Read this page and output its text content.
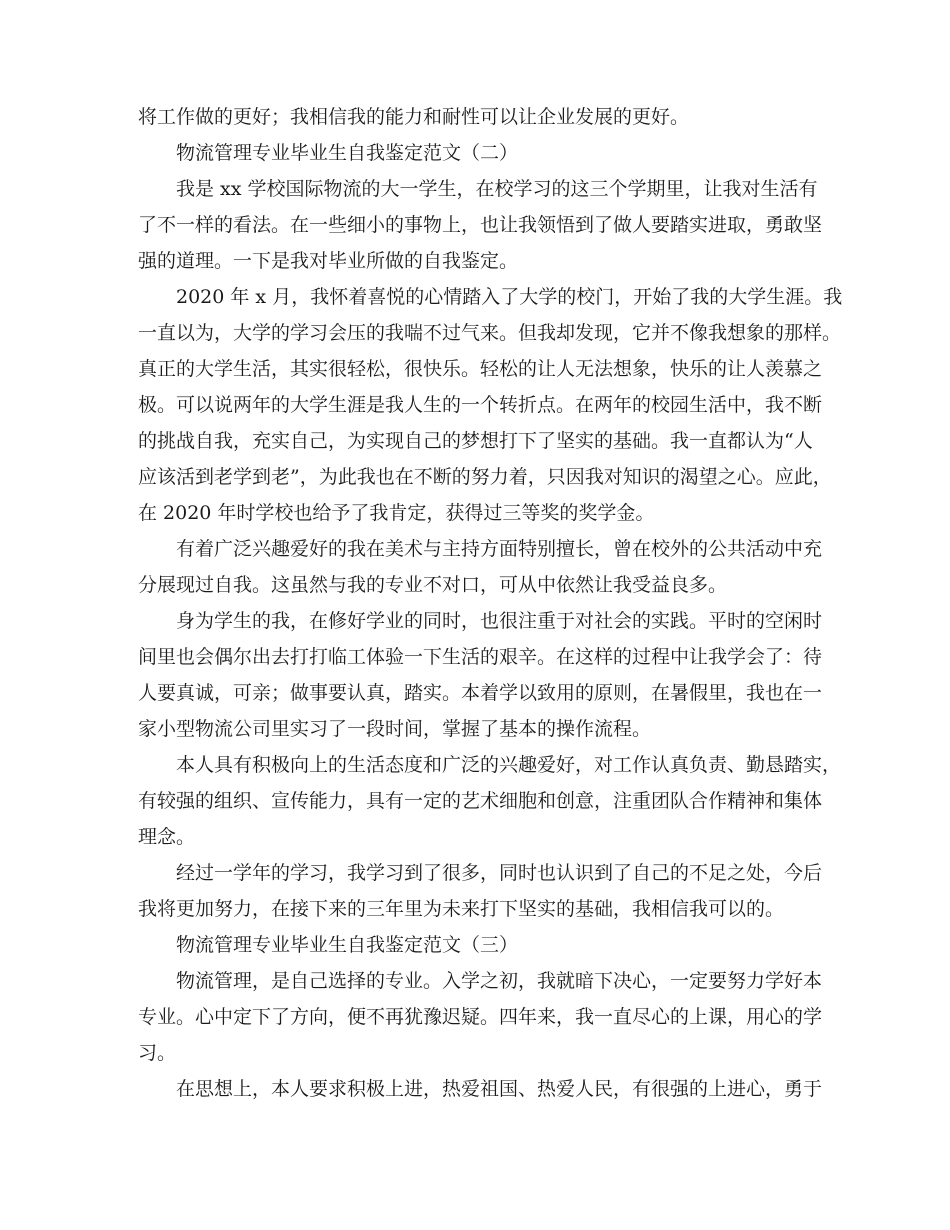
将工作做的更好；我相信我的能力和耐性可以让企业发展的更好。
物流管理专业毕业生自我鉴定范文（二）
我是 xx 学校国际物流的大一学生，在校学习的这三个学期里，让我对生活有
了不一样的看法。在一些细小的事物上，也让我领悟到了做人要踏实进取，勇敢坚
强的道理。一下是我对毕业所做的自我鉴定。
2020 年 x 月，我怀着喜悦的心情踏入了大学的校门，开始了我的大学生涯。我
一直以为，大学的学习会压的我喘不过气来。但我却发现，它并不像我想象的那样。
真正的大学生活，其实很轻松，很快乐。轻松的让人无法想象，快乐的让人羡慕之
极。可以说两年的大学生涯是我人生的一个转折点。在两年的校园生活中，我不断
的挑战自我，充实自己，为实现自己的梦想打下了坚实的基础。我一直都认为“人
应该活到老学到老”，为此我也在不断的努力着，只因我对知识的渴望之心。应此，
在 2020 年时学校也给予了我肯定，获得过三等奖的奖学金。
有着广泛兴趣爱好的我在美术与主持方面特别擅长，曾在校外的公共活动中充
分展现过自我。这虽然与我的专业不对口，可从中依然让我受益良多。
身为学生的我，在修好学业的同时，也很注重于对社会的实践。平时的空闲时
间里也会偶尔出去打打临工体验一下生活的艰辛。在这样的过程中让我学会了：待
人要真诚，可亲；做事要认真，踏实。本着学以致用的原则，在暑假里，我也在一
家小型物流公司里实习了一段时间，掌握了基本的操作流程。
本人具有积极向上的生活态度和广泛的兴趣爱好，对工作认真负责、勤恳踏实，
有较强的组织、宣传能力，具有一定的艺术细胞和创意，注重团队合作精神和集体
理念。
经过一学年的学习，我学习到了很多，同时也认识到了自己的不足之处，今后
我将更加努力，在接下来的三年里为未来打下坚实的基础，我相信我可以的。
物流管理专业毕业生自我鉴定范文（三）
物流管理，是自己选择的专业。入学之初，我就暗下决心，一定要努力学好本
专业。心中定下了方向，便不再犹豫迟疑。四年来，我一直尽心的上课，用心的学
习。
在思想上，本人要求积极上进，热爱祖国、热爱人民，有很强的上进心，勇于
